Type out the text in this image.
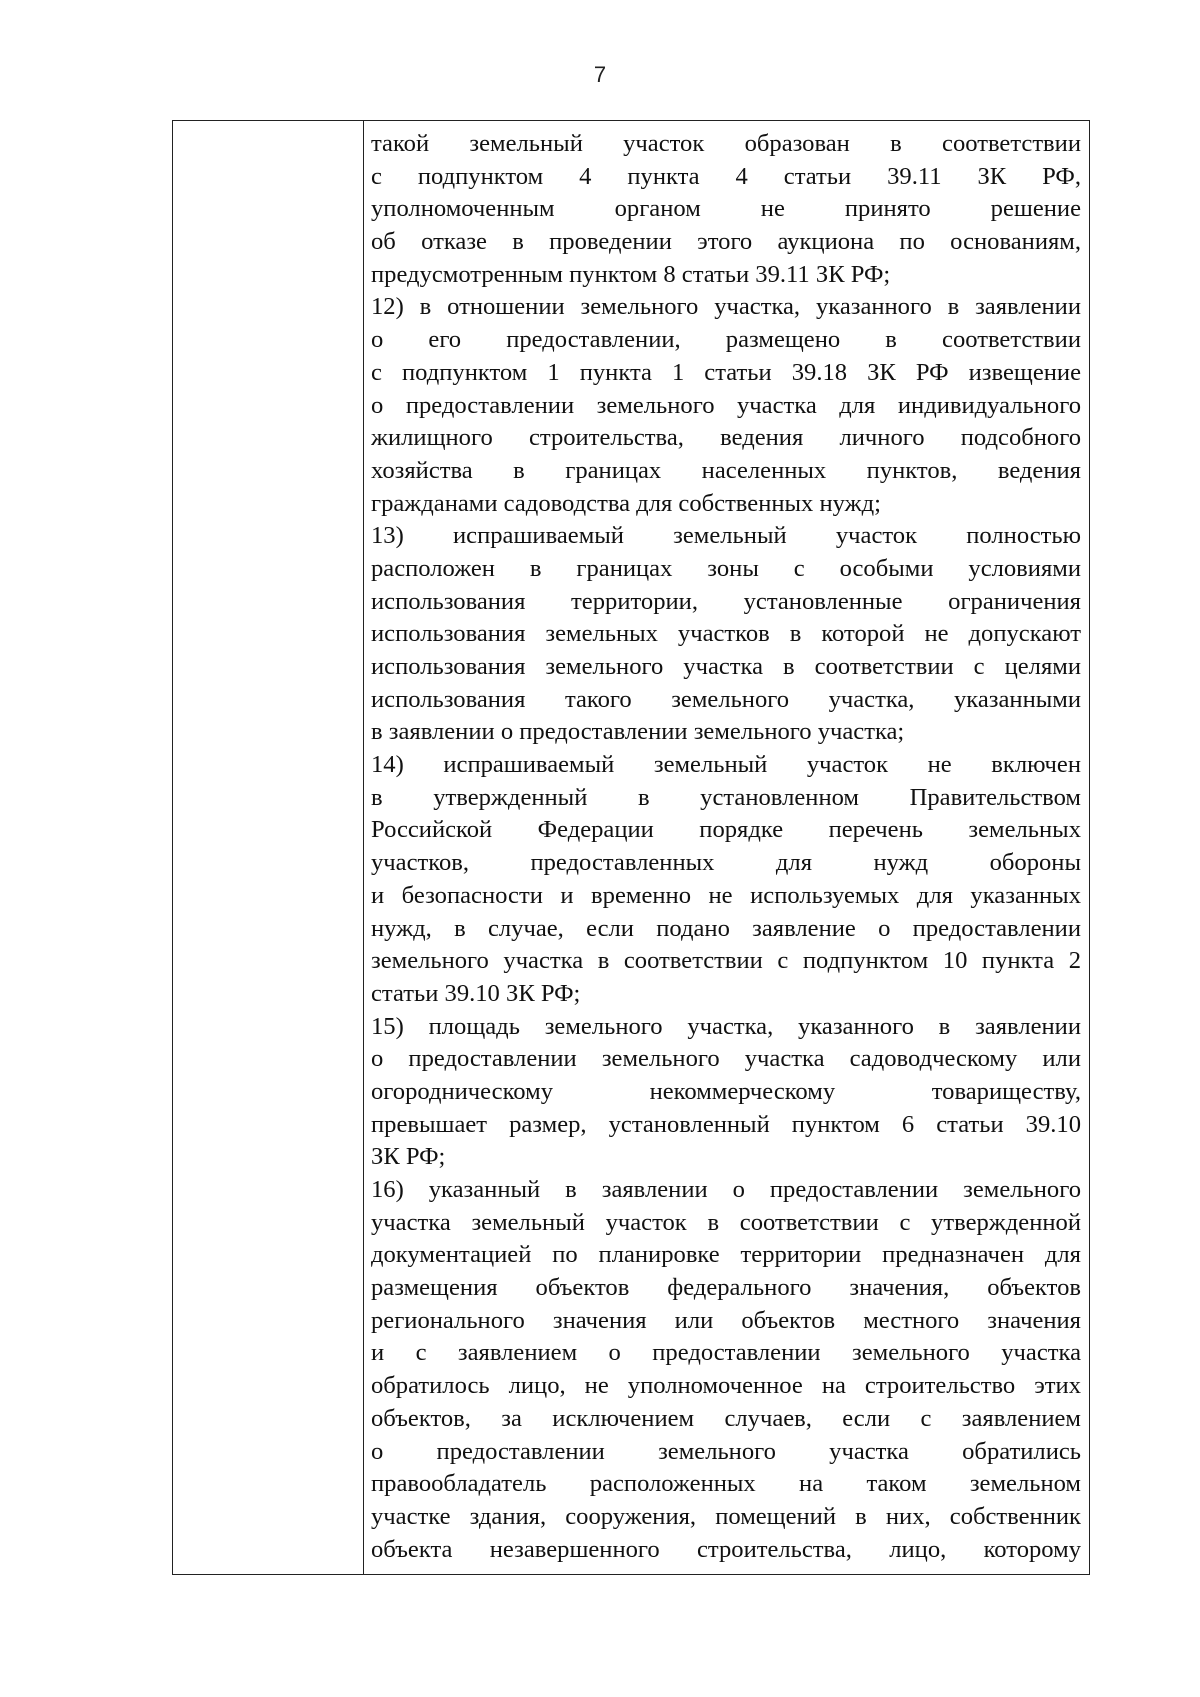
7
такой земельный участок образован в соответствии
с подпунктом 4 пункта 4 статьи 39.11 ЗК РФ,
уполномоченным органом не принято решение
об отказе в проведении этого аукциона по основаниям,
предусмотренным пунктом 8 статьи 39.11 ЗК РФ;
12) в отношении земельного участка, указанного в заявлении
о его предоставлении, размещено в соответствии
с подпунктом 1 пункта 1 статьи 39.18 ЗК РФ извещение
о предоставлении земельного участка для индивидуального
жилищного строительства, ведения личного подсобного
хозяйства в границах населенных пунктов, ведения
гражданами садоводства для собственных нужд;
13) испрашиваемый земельный участок полностью
расположен в границах зоны с особыми условиями
использования территории, установленные ограничения
использования земельных участков в которой не допускают
использования земельного участка в соответствии с целями
использования такого земельного участка, указанными
в заявлении о предоставлении земельного участка;
14) испрашиваемый земельный участок не включен
в утвержденный в установленном Правительством
Российской Федерации порядке перечень земельных
участков, предоставленных для нужд обороны
и безопасности и временно не используемых для указанных
нужд, в случае, если подано заявление о предоставлении
земельного участка в соответствии с подпунктом 10 пункта 2
статьи 39.10 ЗК РФ;
15) площадь земельного участка, указанного в заявлении
о предоставлении земельного участка садоводческому или
огородническому некоммерческому товариществу,
превышает размер, установленный пунктом 6 статьи 39.10
ЗК РФ;
16) указанный в заявлении о предоставлении земельного
участка земельный участок в соответствии с утвержденной
документацией по планировке территории предназначен для
размещения объектов федерального значения, объектов
регионального значения или объектов местного значения
и с заявлением о предоставлении земельного участка
обратилось лицо, не уполномоченное на строительство этих
объектов, за исключением случаев, если с заявлением
о предоставлении земельного участка обратились
правообладатель расположенных на таком земельном
участке здания, сооружения, помещений в них, собственник
объекта незавершенного строительства, лицо, которому
